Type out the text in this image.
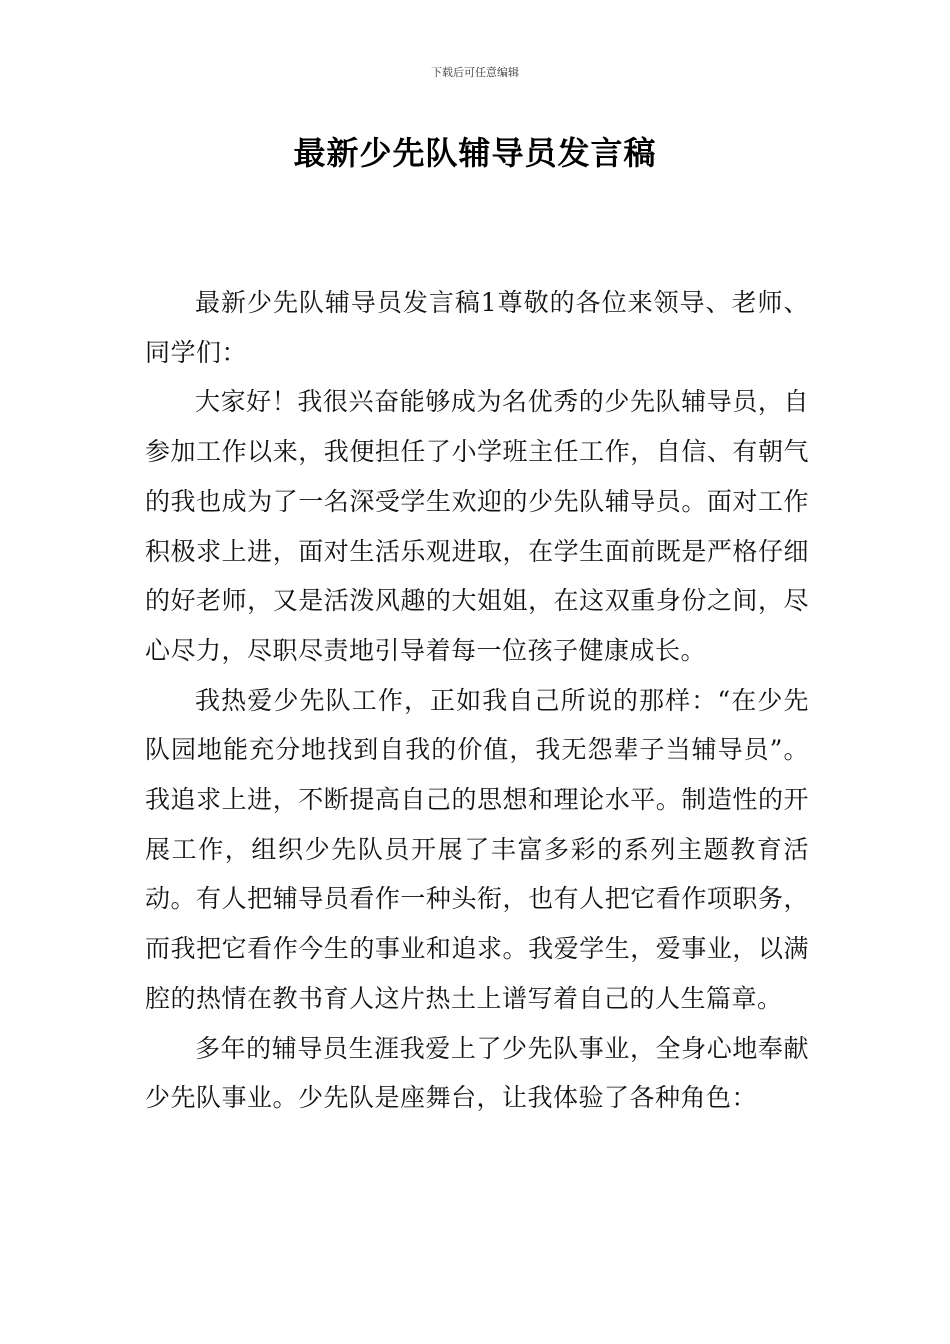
下载后可任意编辑
最新少先队辅导员发言稿

最新少先队辅导员发言稿1尊敬的各位来领导、老师、同学们：

大家好！我很兴奋能够成为名优秀的少先队辅导员，自参加工作以来，我便担任了小学班主任工作，自信、有朝气的我也成为了一名深受学生欢迎的少先队辅导员。面对工作积极求上进，面对生活乐观进取，在学生面前既是严格仔细的好老师，又是活泼风趣的大姐姐，在这双重身份之间，尽心尽力，尽职尽责地引导着每一位孩子健康成长。

我热爱少先队工作，正如我自己所说的那样：“在少先队园地能充分地找到自我的价值，我无怨辈子当辅导员”。我追求上进，不断提高自己的思想和理论水平。制造性的开展工作，组织少先队员开展了丰富多彩的系列主题教育活动。有人把辅导员看作一种头衔，也有人把它看作项职务，而我把它看作今生的事业和追求。我爱学生，爱事业，以满腔的热情在教书育人这片热土上谱写着自己的人生篇章。

多年的辅导员生涯我爱上了少先队事业，全身心地奉献少先队事业。少先队是座舞台，让我体验了各种角色：
